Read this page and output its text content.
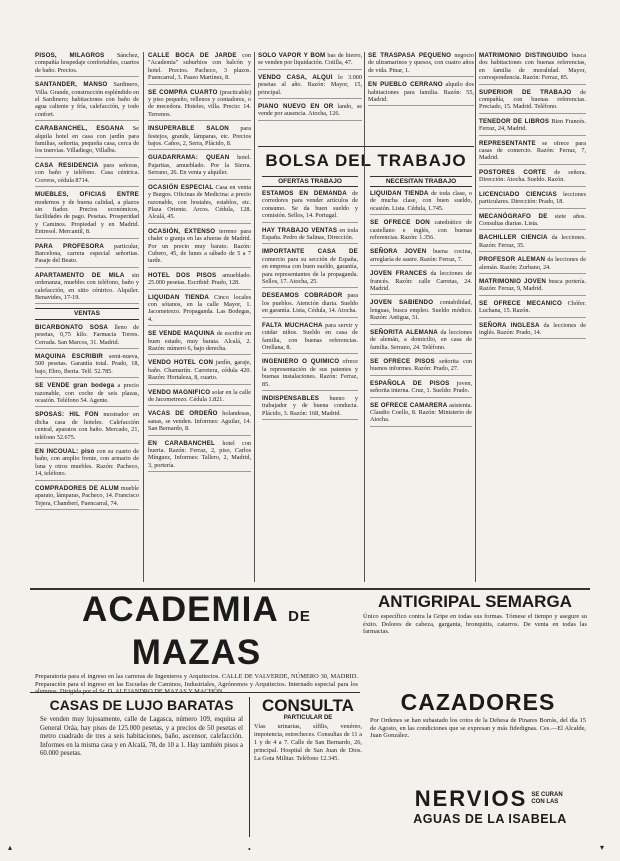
PISOS, MILAGROS Sánchez, compañía hospedaje confortables, cuartos de baño. Precios.
SANTANDER, MANSO Sardinero, Villa. Grande, construcción espléndido en el Sardinero; habitaciones con baño de agua caliente y fría, calefacción, y todo confort.
CARABANCHEL, ESGANA Se alquila hotel en casa con jardín para familias, señorita, pequeña casa, cerca de los tranvías. Villadiego, Villalba.
CASA RESIDENCIA para señoras, con baño y teléfono. Casa céntrica. Correos, cédula 8714.
MUEBLES, OFICIAS ENTRE modernos y de buena calidad, a plazos sin fiador. Precios económicos, facilidades de pago. Pesetas. Prosperidad y Caminos. Propiedad y en Madrid. Entresol. Mercantil, 8.
PARA PROFESORA particular, Barcelona, carrera especial señoritas. Pasaje del Beato.
APARTAMENTO DE MILA sin ordenanza, muebles con teléfono, baño y calefacción, en sitio céntrico. Alquiler. Benavides, 17-19.
VENTAS
BICARBONATO SOSA lleno de pesetas, 0,75 kilo. Farmacia Torres. Cerrada. San Marcos, 31. Madrid.
MAQUINA ESCRIBIR semi-nueva, 500 pesetas. Garantía total. Prado, 18, bajo, Ebro, Iberia. Telf. 52.785.
SE VENDE gran bodega a precio razonable, con coche de seis plazas, ocasión. Teléfono 54. Agente.
SPOSAS: HIL FON mostrador en dicha casa de hoteles. Calefacción central, aparatos con baño. Mercado, 21, teléfono 52.675.
EN INCOUAL: piso con su cuarto de baño, con amplio frente, con armario de luna y otros muebles. Razón: Pacheco, 14, teléfono.
COMPRADORES DE ALUM mueble aparato, lámparas, Pacheco, 14. Francisco Tejera, Chamberí, Fuencarral, 74.
CALLE BOCA DE JARDE con "Academia" suburbios con balcón y hotel. Precios. Pacheco, 3 plazos. Fuencarral, 3. Paseo Martínez, 8.
SE COMPRA CUARTO (practicable) y piso pequeño, rellenos y contadores, o de mecedora. Hoteles, villa. Precio: 14. Terrenos.
INSUPERABLE SALON para festejos, grande, lámparas, etc. Precios bajos. Caños, 2, Serra, Plácido, 8.
GUADARRAMA: QUEAN hotel. Pajaritas, amueblado. Por la Sierra. Serrano, 26. En venta y alquiler.
OCASIÓN ESPECIAL Casa en venta y Burgos. Oficinas de Medicina: a precio razonable, con hostales, establos, etc. Plaza Oriente. Arcos. Cédula, 128. Alcalá, 45.
OCASIÓN, EXTENSO terreno para chalet o granja en las afueras de Madrid. Por un precio muy barato. Razón: Cubero, 45, de lunes a sábado de 5 a 7 tarde.
HOTEL DOS PISOS amueblado. 25.000 pesetas. Escribid: Prado, 128.
LIQUIDAN TIENDA Cinco locales con sótanos, en la calle Mayor, 1. Jacometrezo. Propaganda. Las Bodegas, 4.
SE VENDE MAQUINA de escribir en buen estado, muy barata. Alcalá, 2. Razón: número 6, bajo derecha.
VENDO HOTEL CON jardín, garaje, baño. Chamartín. Carretera, cédula 420. Razón: Hortaleza, 8, cuarto.
VENDO MAGNIFICO solar en la calle de Jacometrezo. Cédula 1.821.
VACAS DE ORDEÑO holandesas, sanas, se venden. Informes: Aguilar, 14. San Bernardo, 8.
EN CARABANCHEL hotel con huerta. Razón: Ferraz, 2, piso, Carlos Mínguez, Informes: Tallero, 2, Madrid, 3, portería.
SOLO VAPOR Y BOM bas de hierro, se venden por liquidación. Cotilla, 47.
VENDO CASA, ALQUI lo 3.000 pesetas al año. Razón: Mayor, 15, principal.
PIANO NUEVO EN OR lando, se vende por ausencia. Atocha, 126.
BOLSA DEL TRABAJO
OFERTAS TRABAJO	NECESITAN TRABAJO
ESTAMOS EN DEMANDA de corredores para vender artículos de consumo. Se da buen sueldo y comisión. Sellos, 14. Portugal.
HAY TRABAJO VENTAS en toda España. Pedro de Salinas, Dirección.
IMPORTANTE CASA DE comercio para su sección de España, en empresa con buen sueldo, garantía, para representantes de la propaganda. Sellos, 17. Atocha, 25.
DESEAMOS COBRADOR para los pueblos. Atención diaria. Sueldo en garantía. Lista, Cédula, 14. Atocha.
FALTA MUCHACHA para servir y cuidar niños. Sueldo en casa de familia, con buenas referencias. Orellana, 8.
INGENIERO O QUIMICO ofrece la representación de sus patentes y buenas instalaciones. Razón: Ferraz, 85.
INDISPENSABLES bueno y trabajador y de buena conducta. Plácido, 3. Razón: 168, Madrid.
SE TRASPASA PEQUEÑO negocio de ultramarinos y quesos, con cuatro años de vida. Pinar, 1.
EN PUEBLO CERRANO alquilo dos habitaciones para familia. Razón: 55, Madrid.
LIQUIDAN TIENDA de toda clase, o de mucha clase, con buen sueldo, ocasión. Lista. Cédula, 1.745.
SE OFRECE DON catedrático de castellano e inglés, con buenas referencias. Razón: 1.356.
SEÑORA JOVEN buena cocina, arreglaría de sastre. Razón: Ferraz, 7.
JOVEN FRANCES da lecciones de francés. Razón: calle Carretas, 24. Madrid.
JOVEN SABIENDO contabilidad, lenguas, busca empleo. Sueldo módico. Razón: Antigua, 31.
SEÑORITA ALEMANA da lecciones de alemán, a domicilio, en casa de familia. Serrano, 24. Teléfono.
SE OFRECE PISOS señorita con buenos informes. Razón: Prado, 27.
ESPAÑOLA DE PISOS joven, señorita interna. Cruz, 1. Sueldo: Prado.
SE OFRECE CAMARERA asistenta. Claudio Coello, 8. Razón: Ministerio de Atocha.
MATRIMONIO DISTINGUIDO busca dos habitaciones con buenas referencias, en familia de moralidad. Mayor, correspondencia. Razón: Ferraz, 85.
SUPERIOR DE TRABAJO de compañía, con buenas referencias. Preciado, 15. Madrid. Teléfono.
TENEDOR DE LIBROS Bien Francés. Ferraz, 24, Madrid.
REPRESENTANTE se ofrece para casas de comercio. Razón: Ferraz, 7, Madrid.
POSTORES CORTE de señora. Dirección: Atocha. Sueldo. Razón.
LICENCIADO CIENCIAS lecciones particulares. Dirección: Prado, 18.
MECANÓGRAFO DE siete años. Consultas diarias. Lista.
BACHILLER CIENCIA da lecciones. Razón: Ferraz, 35.
PROFESOR ALEMAN da lecciones de alemán. Razón: Zurbano, 24.
MATRIMONIO JOVEN busca portería. Razón: Ferraz, 9, Madrid.
SE OFRECE MECANICO Chófer. Luchana, 15. Razón.
SEÑORA INGLESA da lecciones de inglés. Razón: Prado, 14.
ACADEMIA DE MAZAS
Preparatoria para el ingreso en las carreras de Ingenieros y Arquitectos. CALLE DE VALVERDE, NÚMERO 30, MADRID. Preparación para el ingreso en las Escuelas de Caminos, Industriales, Agrónomos y Arquitectos. Internado especial para los
ANTIGRIPAL SEMARGA
Único específico contra la Gripe en todas sus formas. Tómese el tiempo y asegure su éxito. Dolores de cabeza, garganta, bronquitis, catarros. De venta en todas las farmacias.
CASAS DE LUJO BARATAS
Se venden muy lujosamente, calle de Lagasca, número 109, esquina al General Oráa, hay pisos de 125.000 pesetas, y a precios de 50 pesetas el metro cuadrado de tres a seis habitaciones, baño, ascensor, calefacción. Informes en la misma casa y en Alcalá, 78, de 10 a 1. Hay también pisos a 60.000 pesetas.
CONSULTA
PARTICULAR DE
Vías urinarias, sífilis, venéreo, impotencia, estrecheces. Consultas de 11 a 1 y de 4 a 7. Calle de San Bernardo, 26, principal. Hospital de San Juan de Dios. La Gota Militar. Teléfono 12.345.
CAZADORES
Por Ordenes se han subastado los cotos de la Dehesa de Pinares Borrás, del día 15 de Agosto, en las condiciones que se expresan y más fidedignas. Ces.—El Alcalde, Juan González.
NERVIOS SE CURAN CON LAS
AGUAS DE LA ISABELA
▴	•	▾
